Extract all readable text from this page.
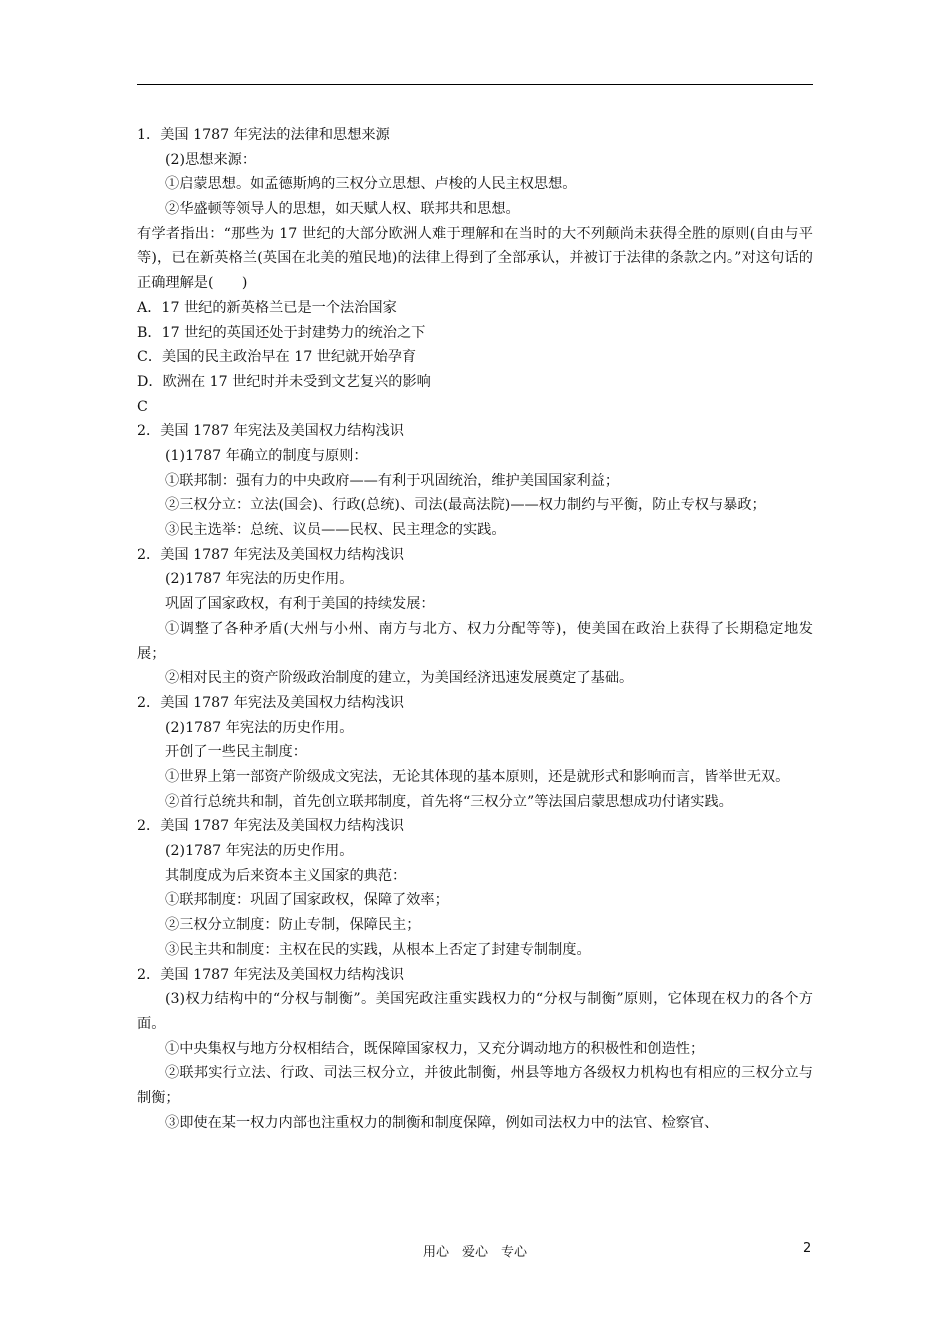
1．美国 1787 年宪法的法律和思想来源
(2)思想来源：
①启蒙思想。如孟德斯鸠的三权分立思想、卢梭的人民主权思想。
②华盛顿等领导人的思想，如天赋人权、联邦共和思想。
有学者指出：“那些为 17 世纪的大部分欧洲人难于理解和在当时的大不列颠尚未获得全胜的原则(自由与平等)，已在新英格兰(英国在北美的殖民地)的法律上得到了全部承认，并被订于法律的条款之内。”对这句话的正确理解是(　　)
A．17 世纪的新英格兰已是一个法治国家
B．17 世纪的英国还处于封建势力的统治之下
C．美国的民主政治早在 17 世纪就开始孕育
D．欧洲在 17 世纪时并未受到文艺复兴的影响
C
2．美国 1787 年宪法及美国权力结构浅识
(1)1787 年确立的制度与原则：
①联邦制：强有力的中央政府——有利于巩固统治，维护美国国家利益；
②三权分立：立法(国会)、行政(总统)、司法(最高法院)——权力制约与平衡，防止专权与暴政；
③民主选举：总统、议员——民权、民主理念的实践。
2．美国 1787 年宪法及美国权力结构浅识
(2)1787 年宪法的历史作用。
巩固了国家政权，有利于美国的持续发展：
①调整了各种矛盾(大州与小州、南方与北方、权力分配等等)，使美国在政治上获得了长期稳定地发展；
②相对民主的资产阶级政治制度的建立，为美国经济迅速发展奠定了基础。
2．美国 1787 年宪法及美国权力结构浅识
(2)1787 年宪法的历史作用。
开创了一些民主制度：
①世界上第一部资产阶级成文宪法，无论其体现的基本原则，还是就形式和影响而言，皆举世无双。
②首行总统共和制，首先创立联邦制度，首先将“三权分立”等法国启蒙思想成功付诸实践。
2．美国 1787 年宪法及美国权力结构浅识
(2)1787 年宪法的历史作用。
其制度成为后来资本主义国家的典范：
①联邦制度：巩固了国家政权，保障了效率；
②三权分立制度：防止专制，保障民主；
③民主共和制度：主权在民的实践，从根本上否定了封建专制制度。
2．美国 1787 年宪法及美国权力结构浅识
(3)权力结构中的“分权与制衡”。美国宪政注重实践权力的“分权与制衡”原则，它体现在权力的各个方面。
①中央集权与地方分权相结合，既保障国家权力，又充分调动地方的积极性和创造性；
②联邦实行立法、行政、司法三权分立，并彼此制衡，州县等地方各级权力机构也有相应的三权分立与制衡；
③即使在某一权力内部也注重权力的制衡和制度保障，例如司法权力中的法官、检察官、
用心　爱心　专心	2
